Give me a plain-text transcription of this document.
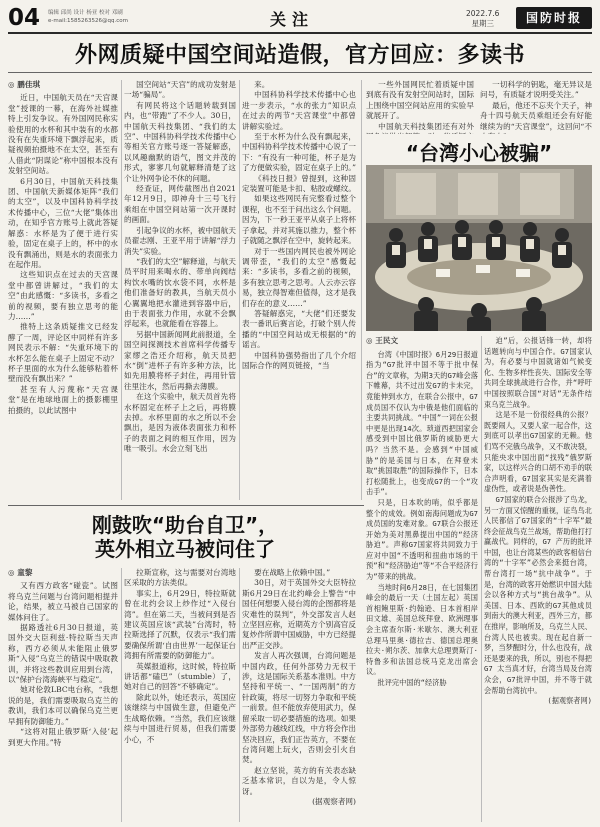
04 编辑 邱尚 设计 杨亚 校对 邓刷
e-mail:1585263526@qq.com	关注	2022.7.6
星期三	国防时报
外网质疑中国空间站造假，官方回应：多读书

◎ 鹏佳琪

近日，中国航天员在“天宫课堂”授课的一幕，在海外社媒推特上引发争议。有外国网民称实验使用的水杯和其中装有的水都没有在失重环境下飘浮起来，质疑视频拍摄地不在太空，甚至有人借此“阴谋论”称中国根本没有发射空间站。

6月30日，中国航天科技集团、中国航天新媒体矩阵“我们的太空”，以及中国科协科学技术传播中心，三位“大佬”集体出动，在知乎官方账号上就此答疑解惑：水杯是为了便于进行实验，固定在桌子上的，杯中的水没有飘涌出，则是水的表面张力在起作用。

这些知识点在过去的天宫课堂中都曾讲解过，“我们的太空”由此感慨：“多读书，多看之前的视频，要有独立思考的能力……”

推特上这条质疑推文已经发酵了一周，评论区中同样有许多网民表示不解：“失重环境下的水杯怎么能在桌子上固定不动？杯子里面的水为什么能够粘着杯壁而没有飘出来？”

甚至有人污蔑称“天宫课堂”是在地球地面上的摄影棚里拍摄的，以此试图中

国空间站“天宫”的成功发射是一场“骗局”。

有网民将这个话题转载到国内，也“带跑”了不少人。30日，中国航天科技集团、“我们的太空”、中国科协科学技术传播中心等相关官方账号逐一答疑解惑，以风趣幽默的语气，图文并茂的形式，寥寥几句就解释清楚了这个让外网争论不休的问题。

经查证，网传截图出自2021年12月9日，即神舟十三号飞行乘组在中国空间站第一次开课时的画面。

引起争议的水杯，被中国航天员翟志刚、王亚平用于讲解“浮力消失”实验。

“我们的太空”解释道，与航天员平时用来喝水的、带单向阀结构饮水嘴的饮水袋不同，水杯是他们准备好的教具，当航天员小心翼翼地把水灌进到容器中后，由于表面张力作用，水就不会飘浮起来，也就能看在容器上。

另据中国新闻网此前报道，全国空间探测技术首席科学传播专家缪之浩还介绍称，航天员把水“倒”进杯子有许多种方法，比如先用膜将杯子封住，再用针管往里注水，然后再撕去薄膜。

在这个实验中，航天员首先将水杯固定在杯子上之后，再将膜去掉。水杯里面的水之所以不会飘出，是因为液体表面张力和杯子的表面之间的相互作用，因为唯一吸引。水会立刻飞出

来。

中国科协科学技术传播中心也进一步表示，“水的张力”知识点在过去的两节“天宫课堂”中都曾讲解实验过。

至于水杯为什么没有飘起来，中国科协科学技术传播中心说了一下：“有没有一种可能，杯子是为了方便做实验，固定在桌子上的。”

《科技日报》曾提到，这种固定装置可能是卡扣、粘胶或螺纹。

如果这些网民有完整看过整个课程，也不至于问出这么个问题。因为，下一秒王亚平从桌子上将杯子拿起，并对其施以推力，整个杯子就随之飘浮在空中，旋转起来。

对于一些国内网民也被外网论调带歪，“我们的太空”感慨起来：“多读书，多看之前的视频，多有独立思考之思考。人云亦云容易，独立得智难但值得，这才是我们存在的意义……”

答疑解惑完，“大佬”们还要发表一番讯后赛言论，打破个别人传播的“中国空间站成无根据的“的谣言。

中国科协强势指出了几个介绍国际合作的网页链接，“当

一些外国网民忙着质疑中国到底有没有发射空间站时，国际上围绕中国空间站应用的实验早就展开了。

中国航天科技集团还有对外

一切科学的钥匙，毫无异议是问号，有质疑才说明受关注。”

最后，他还不忘夹个天子，神舟十四号航天员乘组还会有好能继续为的“天宫课堂”，这回问“不

“台湾小心被骗”

◎ 王民文

台湾《中国时报》6月29日报道指为“G7批评中国不等于批中保台”的文章称，为期3天的G7峰会落下帷幕，共不过出发G7的卡未完，竟能伸到水方，在联合公报中，G7成员国不仅认为中俄是他们面临的主要共同挑战。“中国”一词在公报中更是出现14次。琐道西把国家会感受到中国比俄罗斯的威胁更大吗？当然不是。会感到“中国威胁”的是美国与日本，在拜登未取“挑国取胜”的国际操作下，日本打松随批上，也变成G7的一个“攻击手”。

只是，日本吹的哨，似乎都是整个的成效。例如南海问题成为G7成员国的发难对象。G7联合公报还开始为美对黑鼻提出中国的“经济胁迫”。声称G7国家将共同致力于应对中国“不透明和扭曲市场的干预”和“经济胁迫”等“不合平经济行为”带来的挑战。

当地时间6月28日，在七国集团峰会的最后一天（土国左起）英国首相鲍里斯·约翰逊、日本首相岸田文雄、美国总统拜登、欧洲理事会主席查尔斯·米歇尔、澳大利亚总理马里奥·德拉吉、德国总理奥拉夫·朔尔茨、加拿大总理贾斯汀·特鲁多和法国总统马克龙出席会议。

批评完中国的“经济胁

迫”后，公报话锋一转，却将话题转向与中国合作。G7国家认为，有必要与中国就诸如气候变化、生物多样性丧失、国际安全等共同全球挑战进行合作，并“呼吁中国按照联合国“对话”无条件结束乌克兰战争。

这是不是一份很经典的公报？既要闹人，又要人家一起合作，这到底可以孝出G7国家的无赖。他们骂不完俄乌战争，又不敢决裂，只能央求中国出面“找残”俄罗斯家，以这样兴合的口胡不劝手的联合声明看，G7国家其实是充满着虚伪性，或者说是伪善性。

G7国家的联合公报涉了鸟龙，另一方面又惊醒的重视，证鸟鸟北人民都信了G7国家的“十字军”最终会征战鸟克兰战场，帮助他打打赢战代。同样的，G7 产历的批评中国，也让台湾某些的政客相信台湾的“十字军”必然会来挺台湾，帮台湾打一场“抗中战争”。于是，台湾的政客开始燃识中国大陆会以各种方式与“挑台战争”。从美国、日本、西欧的G7其他成员到南大的澳大利亚，西外三方，都在推岸，影响所及，乌克兰人民、台湾人民也被卖。现在起自新一梦，当梦醒时分，什么也没有，战还是要来的我，所以，别也不得把G7 太当真才好，台湾当局及台湾众会，G7批评中国，并不等于就会帮助台湾抗中。

(据观察者网)

刚鼓吹“助台自卫”，
英外相立马被问住了

◎ 童黎

又有西方政客“碰瓷”。试图将乌克兰问题与台湾问题相提并论，结果，被立马被自己国家的媒体问住了。

据路透社6月30日报道，英国外交大臣利兹·特拉斯当天声称，西方必须从未能阻止俄罗斯“入侵”乌克兰的错误中吸取教训，并将这些教训应用到台湾，以“保护台湾海峡平与稳定”。

她对伦敦LBC电台称，“我想说的是，我们需要吸取乌克兰的教训，我们本可以确保乌克兰更早拥有防御能力。”

“这将对阻止俄罗斯‘入侵’起到更大作用。”特

拉斯宣称，这与需要对台湾地区采取的方法类似。

事实上，6月29日，特拉斯就曾在北约会议上炒作过“入侵台湾”。但在第二天，当被问到是否建议英国应该“武装”台湾时，特拉斯选择了沉默，仅表示“我们需要确保所谓‘自由世界’一起保证台湾拥有所需要的防御能力”。

英媒报道称，这时候，特拉斯讲话都“磕巴”（stumble）了，她对自己的回答“不够确定”。

除此以外，她还表示，英国应该继续与中国做生意，但避免产生战略依赖。“当然，我们应该继续与中国进行贸易，但我们需要小心，不

要在战略上依赖中国。”

30日，对于英国外交大臣特拉斯6月29日在北约峰会上警告“中国任何想要入侵台湾的企图都将是灾难性的误判”，外交部发言人赵立坚回应称，近期英方个别高官反复炒作所谓中国威胁，中方已经提出严正交涉。

发言人再次强调，台湾问题是中国内政，任何外部势力无权干涉，这是国际关系基本准则。中方坚持和平统一、“一国两制”的方针政策，将尽一切努力争取和平统一前景。但不能放弃使用武力，保留采取一切必要措施的选项。如果外部势力越线红线，中方将会作出坚决回应，我们正告英方，不要在台湾问题上玩火，否则会引火自焚。

赵立坚说，英方的有关表态缺乏基本常识，自以为是，令人惊讶。

(据观察者网)
